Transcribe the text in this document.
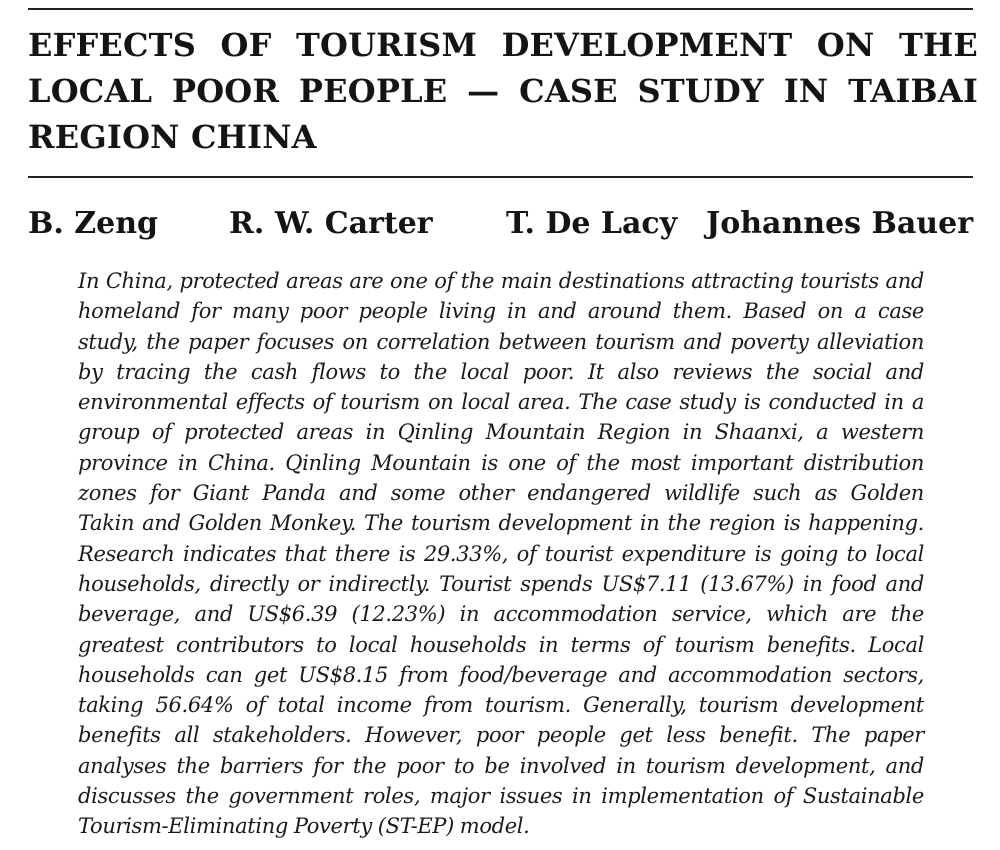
EFFECTS OF TOURISM DEVELOPMENT ON THE
LOCAL POOR PEOPLE — CASE STUDY IN TAIBAI
REGION CHINA
B. Zeng R. W. Carter T. De Lacy Johannes Bauer
In China, protected areas are one of the main destinations attracting tourists and
homeland for many poor people living in and around them. Based on a case
study, the paper focuses on correlation between tourism and poverty alleviation
by tracing the cash flows to the local poor. It also reviews the social and
environmental effects of tourism on local area. The case study is conducted in a
group of protected areas in Qinling Mountain Region in Shaanxi, a western
province in China. Qinling Mountain is one of the most important distribution
zones for Giant Panda and some other endangered wildlife such as Golden
Takin and Golden Monkey. The tourism development in the region is happening.
Research indicates that there is 29.33%, of tourist expenditure is going to local
households, directly or indirectly. Tourist spends US$7.11 (13.67%) in food and
beverage, and US$6.39 (12.23%) in accommodation service, which are the
greatest contributors to local households in terms of tourism benefits. Local
households can get US$8.15 from food/beverage and accommodation sectors,
taking 56.64% of total income from tourism. Generally, tourism development
benefits all stakeholders. However, poor people get less benefit. The paper
analyses the barriers for the poor to be involved in tourism development, and
discusses the government roles, major issues in implementation of Sustainable
Tourism-Eliminating Poverty (ST-EP) model.
